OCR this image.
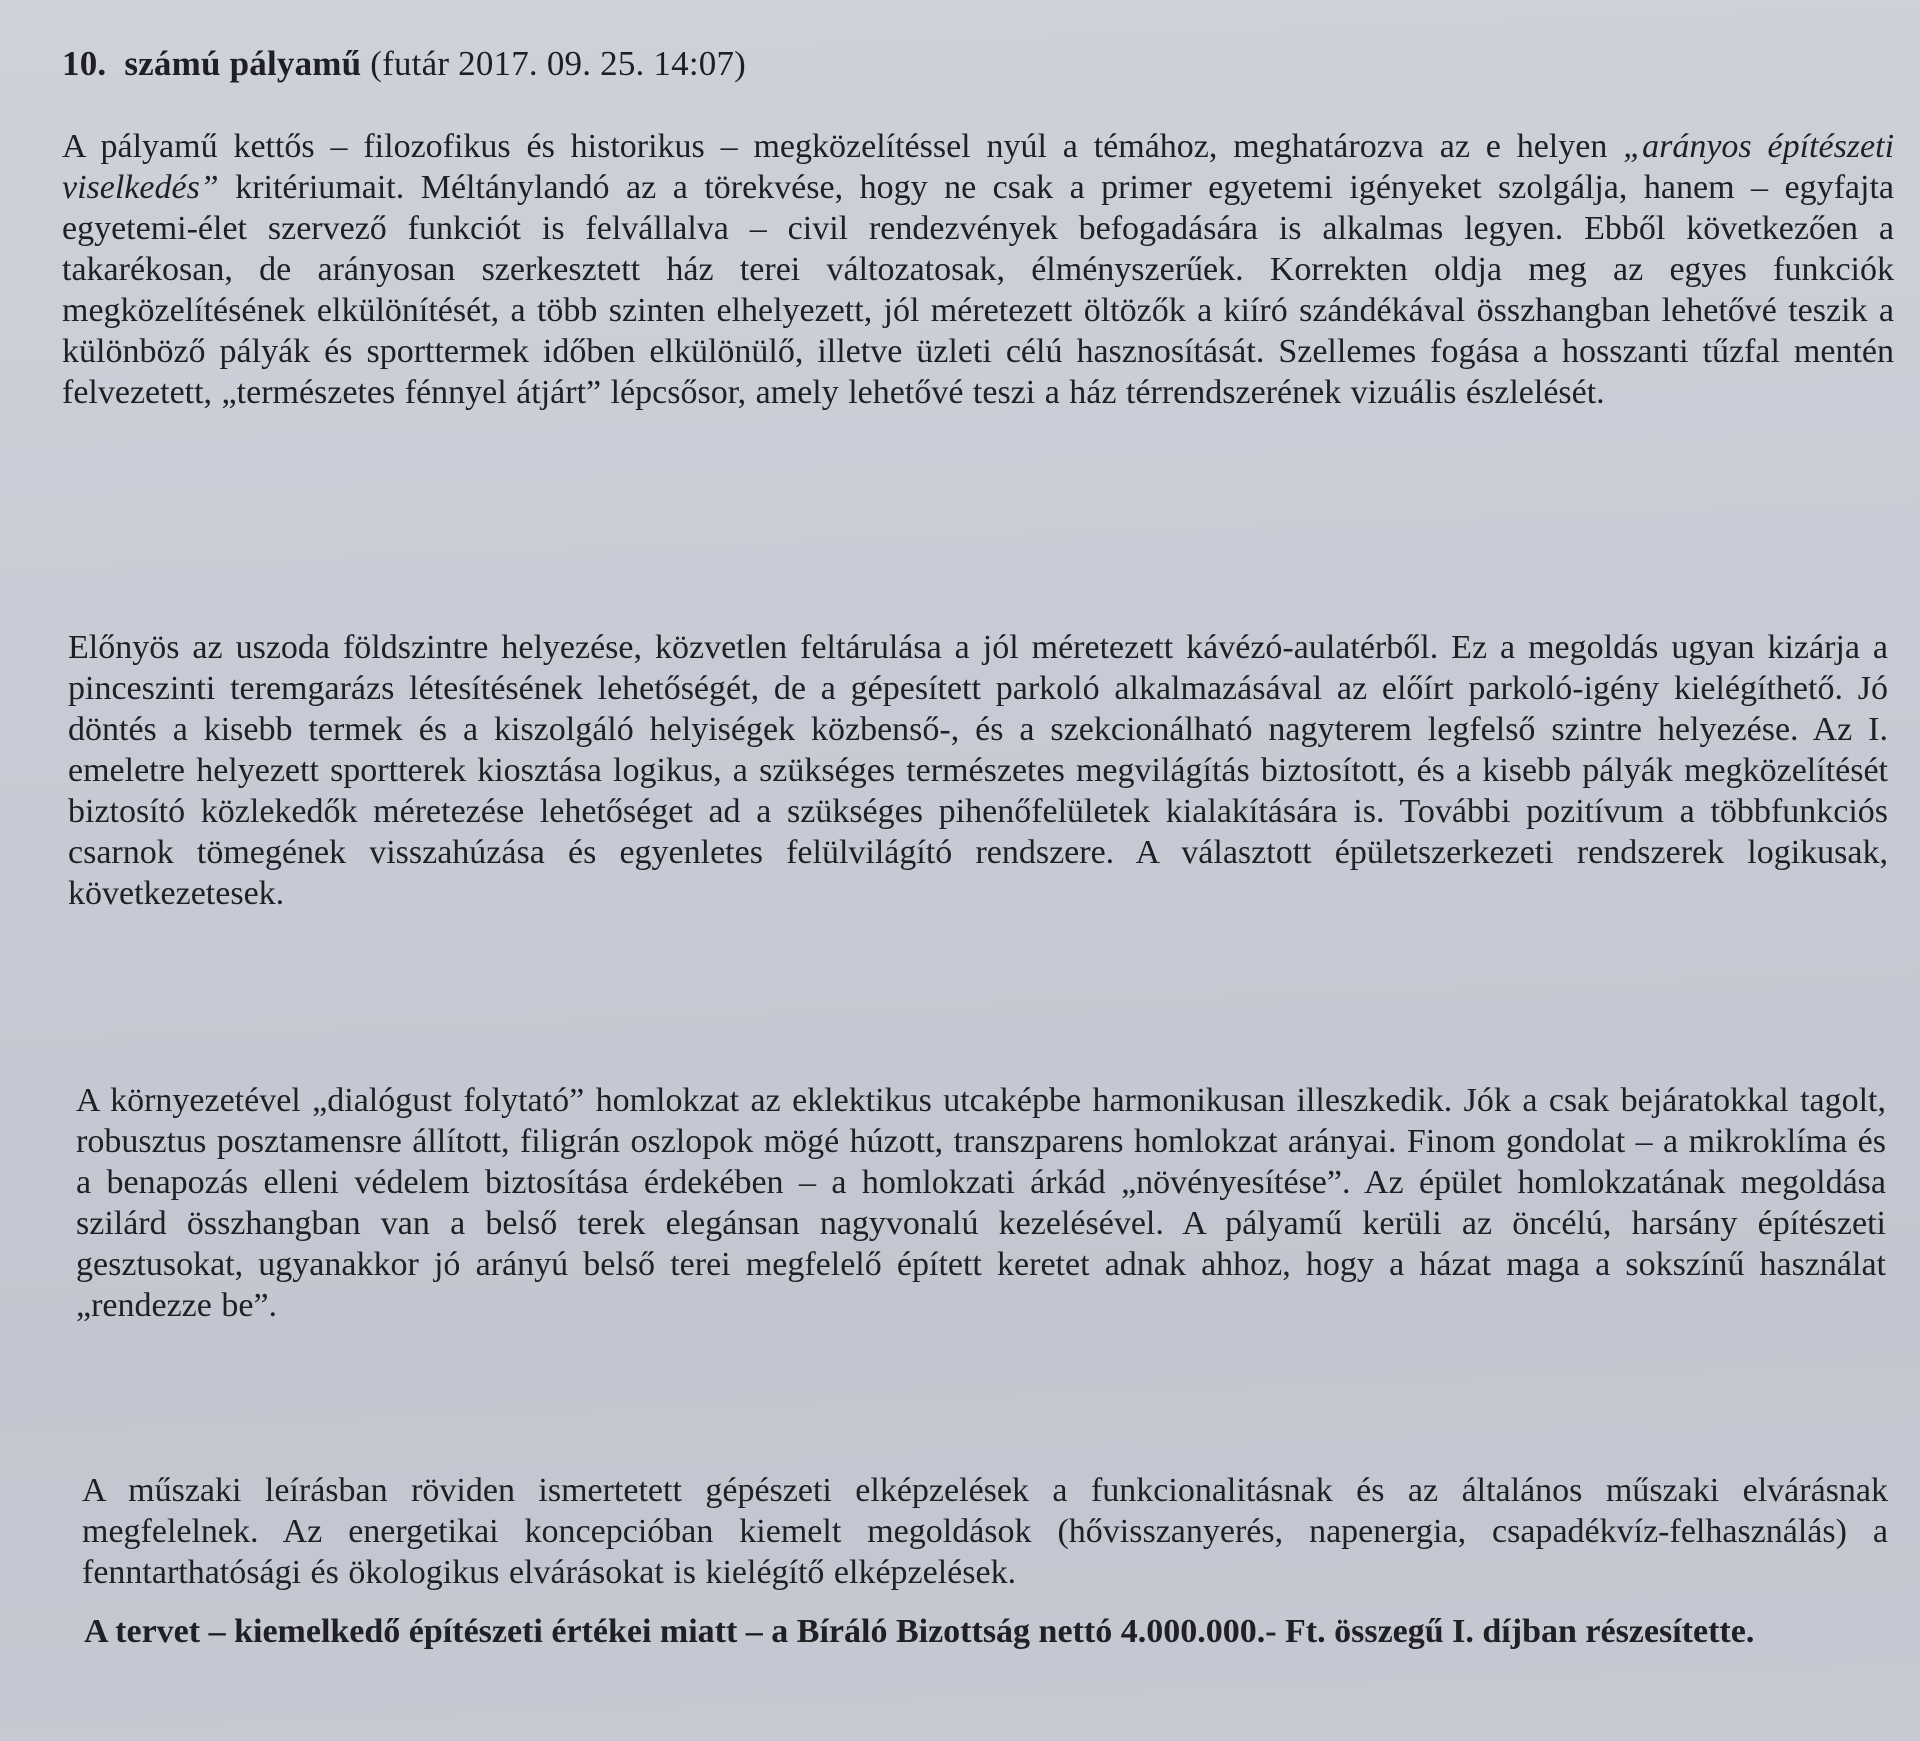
10. számú pályamű (futár 2017. 09. 25. 14:07)
A pályamű kettős – filozofikus és historikus – megközelítéssel nyúl a témához, meghatározva az e helyen „arányos építészeti viselkedés” kritériumait. Méltánylandó az a törekvése, hogy ne csak a primer egyetemi igényeket szolgálja, hanem – egyfajta egyetemi-élet szervező funkciót is felvállalva – civil rendezvények befogadására is alkalmas legyen. Ebből következően a takarékosan, de arányosan szerkesztett ház terei változatosak, élményszerűek. Korrekten oldja meg az egyes funkciók megközelítésének elkülönítését, a több szinten elhelyezett, jól méretezett öltözők a kiíró szándékával összhangban lehetővé teszik a különböző pályák és sporttermek időben elkülönülő, illetve üzleti célú hasznosítását. Szellemes fogása a hosszanti tűzfal mentén felvezetett, „természetes fénnyel átjárt” lépcsősor, amely lehetővé teszi a ház térrendszerének vizuális észlelését.
Előnyös az uszoda földszintre helyezése, közvetlen feltárulása a jól méretezett kávézó-aulatérből. Ez a megoldás ugyan kizárja a pinceszinti teremgarázs létesítésének lehetőségét, de a gépesített parkoló alkalmazásával az előírt parkoló-igény kielégíthető. Jó döntés a kisebb termek és a kiszolgáló helyiségek közbenső-, és a szekcionálható nagyterem legfelső szintre helyezése. Az I. emeletre helyezett sportterek kiosztása logikus, a szükséges természetes megvilágítás biztosított, és a kisebb pályák megközelítését biztosító közlekedők méretezése lehetőséget ad a szükséges pihenőfelületek kialakítására is. További pozitívum a többfunkciós csarnok tömegének visszahúzása és egyenletes felülvilágító rendszere. A választott épületszerkezeti rendszerek logikusak, következetesek.
A környezetével „dialógust folytató” homlokzat az eklektikus utcaképbe harmonikusan illeszkedik. Jók a csak bejáratokkal tagolt, robusztus posztamensre állított, filigrán oszlopok mögé húzott, transzparens homlokzat arányai. Finom gondolat – a mikroklíma és a benapozás elleni védelem biztosítása érdekében – a homlokzati árkád „növényesítése”. Az épület homlokzatának megoldása szilárd összhangban van a belső terek elegánsan nagyvonalú kezelésével. A pályamű kerüli az öncélú, harsány építészeti gesztusokat, ugyanakkor jó arányú belső terei megfelelő épített keretet adnak ahhoz, hogy a házat maga a sokszínű használat „rendezze be”.
A műszaki leírásban röviden ismertetett gépészeti elképzelések a funkcionalitásnak és az általános műszaki elvárásnak megfelelnek. Az energetikai koncepcióban kiemelt megoldások (hővisszanyerés, napenergia, csapadékvíz-felhasználás) a fenntarthatósági és ökologikus elvárásokat is kielégítő elképzelések.
A tervet – kiemelkedő építészeti értékei miatt – a Bíráló Bizottság nettó 4.000.000.- Ft. összegű I. díjban részesítette.
